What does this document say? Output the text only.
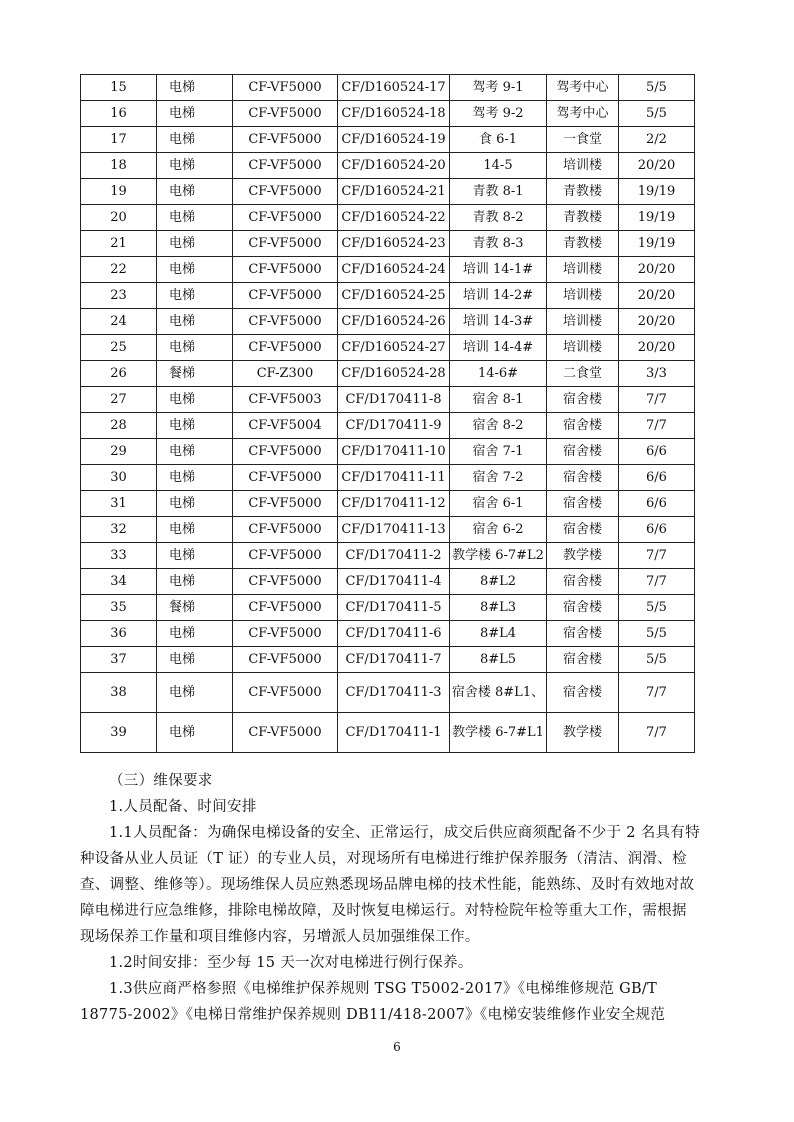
15	电梯	CF-VF5000	CF/D160524-17	驾考 9-1	驾考中心	5/5
16	电梯	CF-VF5000	CF/D160524-18	驾考 9-2	驾考中心	5/5
17	电梯	CF-VF5000	CF/D160524-19	食 6-1	一食堂	2/2
18	电梯	CF-VF5000	CF/D160524-20	14-5	培训楼	20/20
19	电梯	CF-VF5000	CF/D160524-21	青教 8-1	青教楼	19/19
20	电梯	CF-VF5000	CF/D160524-22	青教 8-2	青教楼	19/19
21	电梯	CF-VF5000	CF/D160524-23	青教 8-3	青教楼	19/19
22	电梯	CF-VF5000	CF/D160524-24	培训 14-1#	培训楼	20/20
23	电梯	CF-VF5000	CF/D160524-25	培训 14-2#	培训楼	20/20
24	电梯	CF-VF5000	CF/D160524-26	培训 14-3#	培训楼	20/20
25	电梯	CF-VF5000	CF/D160524-27	培训 14-4#	培训楼	20/20
26	餐梯	CF-Z300	CF/D160524-28	14-6#	二食堂	3/3
27	电梯	CF-VF5003	CF/D170411-8	宿舍 8-1	宿舍楼	7/7
28	电梯	CF-VF5004	CF/D170411-9	宿舍 8-2	宿舍楼	7/7
29	电梯	CF-VF5000	CF/D170411-10	宿舍 7-1	宿舍楼	6/6
30	电梯	CF-VF5000	CF/D170411-11	宿舍 7-2	宿舍楼	6/6
31	电梯	CF-VF5000	CF/D170411-12	宿舍 6-1	宿舍楼	6/6
32	电梯	CF-VF5000	CF/D170411-13	宿舍 6-2	宿舍楼	6/6
33	电梯	CF-VF5000	CF/D170411-2	教学楼 6-7#L2	教学楼	7/7
34	电梯	CF-VF5000	CF/D170411-4	8#L2	宿舍楼	7/7
35	餐梯	CF-VF5000	CF/D170411-5	8#L3	宿舍楼	5/5
36	电梯	CF-VF5000	CF/D170411-6	8#L4	宿舍楼	5/5
37	电梯	CF-VF5000	CF/D170411-7	8#L5	宿舍楼	5/5
38	电梯	CF-VF5000	CF/D170411-3	宿舍楼 8#L1、	宿舍楼	7/7
39	电梯	CF-VF5000	CF/D170411-1	教学楼 6-7#L1	教学楼	7/7

（三）维保要求

1.人员配备、时间安排

1.1人员配备：为确保电梯设备的安全、正常运行，成交后供应商须配备不少于 2 名具有特种设备从业人员证（T 证）的专业人员，对现场所有电梯进行维护保养服务（清洁、润滑、检查、调整、维修等）。现场维保人员应熟悉现场品牌电梯的技术性能，能熟练、及时有效地对故障电梯进行应急维修，排除电梯故障，及时恢复电梯运行。对特检院年检等重大工作，需根据现场保养工作量和项目维修内容，另增派人员加强维保工作。

1.2时间安排：至少每 15 天一次对电梯进行例行保养。

1.3供应商严格参照《电梯维护保养规则 TSG T5002-2017》《电梯维修规范 GB/T 18775-2002》《电梯日常维护保养规则 DB11/418-2007》《电梯安装维修作业安全规范

6
